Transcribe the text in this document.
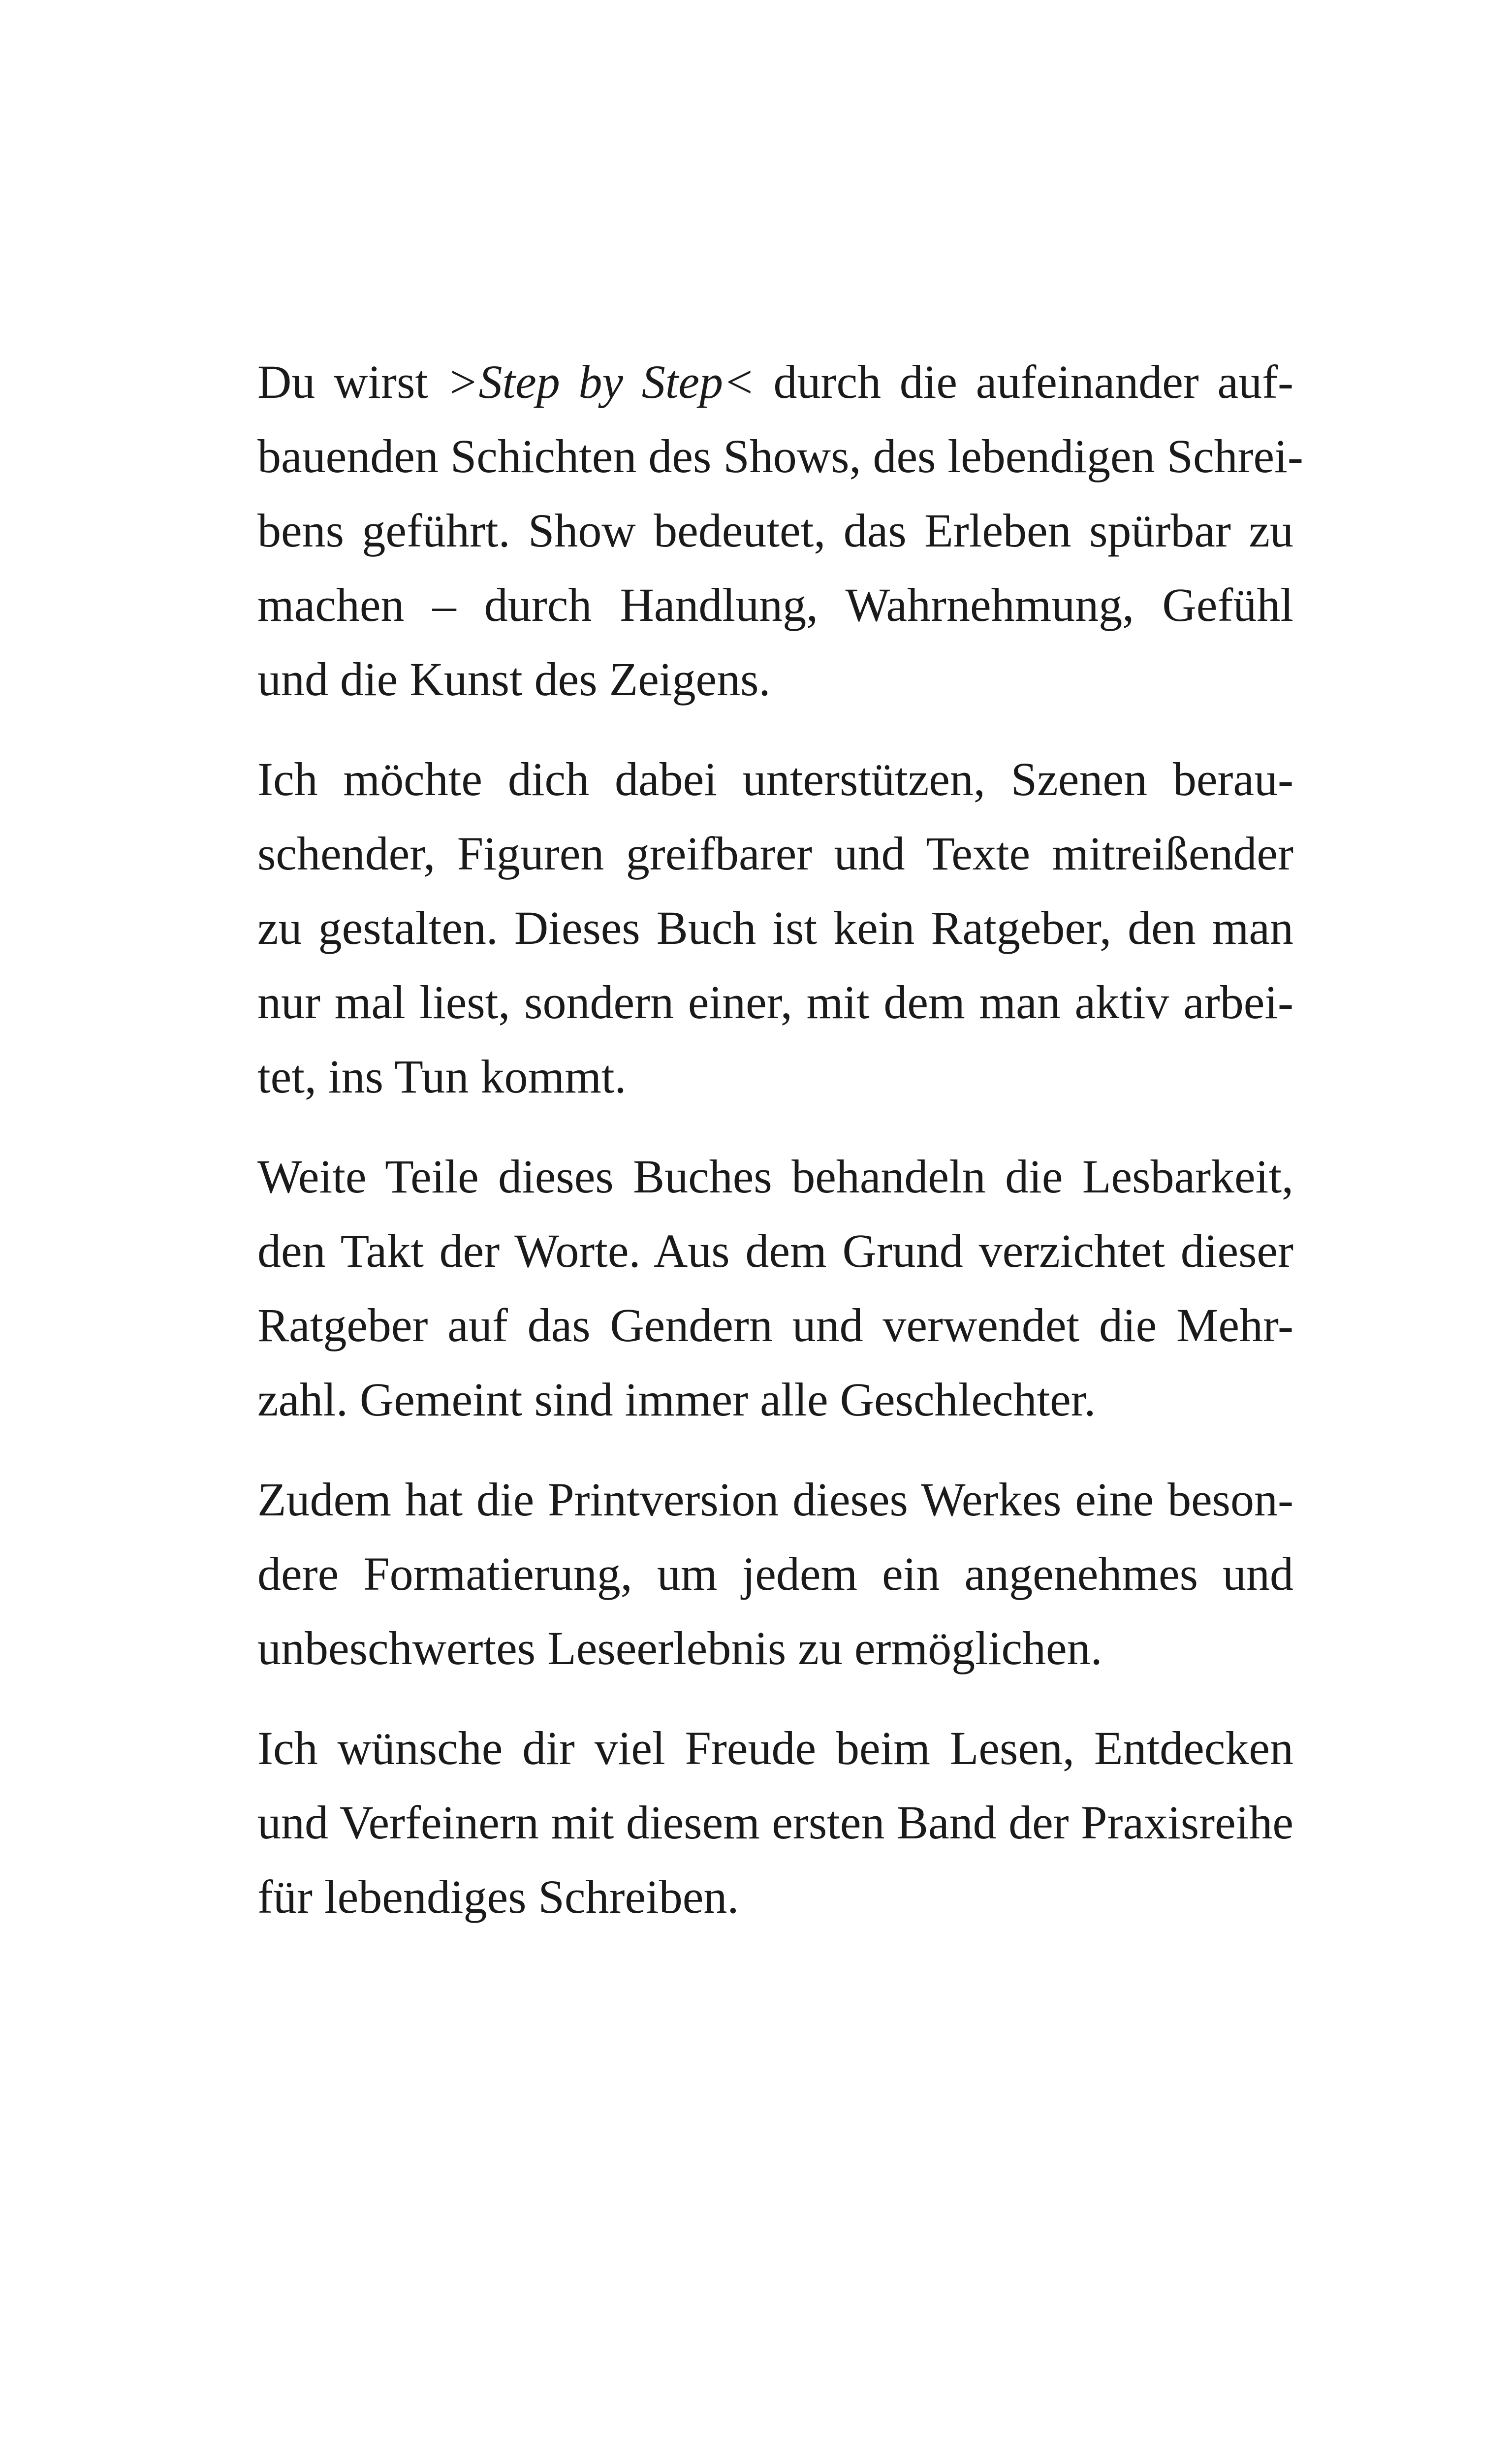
Du wirst >Step by Step< durch die aufeinander auf-
bauenden Schichten des Shows, des lebendigen Schrei-
bens geführt. Show bedeutet, das Erleben spürbar zu
machen – durch Handlung, Wahrnehmung, Gefühl
und die Kunst des Zeigens.

Ich möchte dich dabei unterstützen, Szenen berau-
schender, Figuren greifbarer und Texte mitreißender
zu gestalten. Dieses Buch ist kein Ratgeber, den man
nur mal liest, sondern einer, mit dem man aktiv arbei-
tet, ins Tun kommt.

Weite Teile dieses Buches behandeln die Lesbarkeit,
den Takt der Worte. Aus dem Grund verzichtet dieser
Ratgeber auf das Gendern und verwendet die Mehr-
zahl. Gemeint sind immer alle Geschlechter.

Zudem hat die Printversion dieses Werkes eine beson-
dere Formatierung, um jedem ein angenehmes und
unbeschwertes Leseerlebnis zu ermöglichen.

Ich wünsche dir viel Freude beim Lesen, Entdecken
und Verfeinern mit diesem ersten Band der Praxisreihe
für lebendiges Schreiben.
